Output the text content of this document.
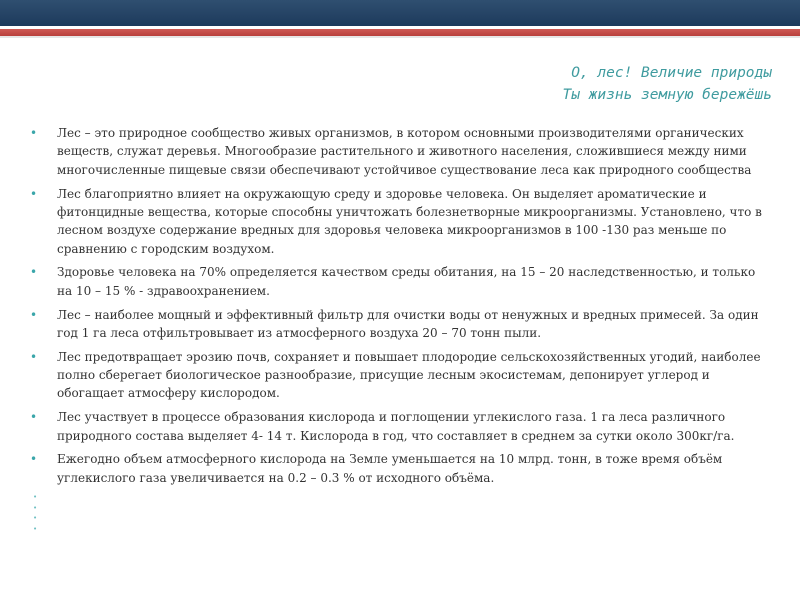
О, лес! Величие природы
Ты жизнь земную бережёшь
• Лес – это природное сообщество живых организмов, в котором основными производителями органических веществ, служат деревья. Многообразие растительного и животного населения, сложившиеся между ними многочисленные пищевые связи обеспечивают устойчивое существование леса как природного сообщества
• Лес благоприятно влияет на окружающую среду и здоровье человека. Он выделяет ароматические и фитонцидные вещества, которые способны уничтожать болезнетворные микроорганизмы. Установлено, что в лесном воздухе содержание вредных для здоровья человека микроорганизмов в 100 -130 раз меньше по сравнению с городским воздухом.
• Здоровье человека на 70% определяется качеством среды обитания, на 15 – 20 наследственностью, и только на 10 – 15 % - здравоохранением.
• Лес – наиболее мощный и эффективный фильтр для очистки воды от ненужных и вредных примесей. За один год 1 га леса отфильтровывает из атмосферного воздуха 20 – 70 тонн пыли.
• Лес предотвращает эрозию почв, сохраняет и повышает плодородие сельскохозяйственных угодий, наиболее полно сберегает биологическое разнообразие, присущие лесным экосистемам, депонирует углерод и обогащает атмосферу кислородом.
• Лес участвует в процессе образования кислорода и поглощении углекислого газа. 1 га леса различного природного состава выделяет 4- 14 т. Кислорода в год, что составляет в среднем за сутки около 300кг/га.
• Ежегодно объем атмосферного кислорода на Земле уменьшается на 10 млрд. тонн, в тоже время объём углекислого газа увеличивается на 0.2 – 0.3 % от исходного объёма.
•
•
•
•
